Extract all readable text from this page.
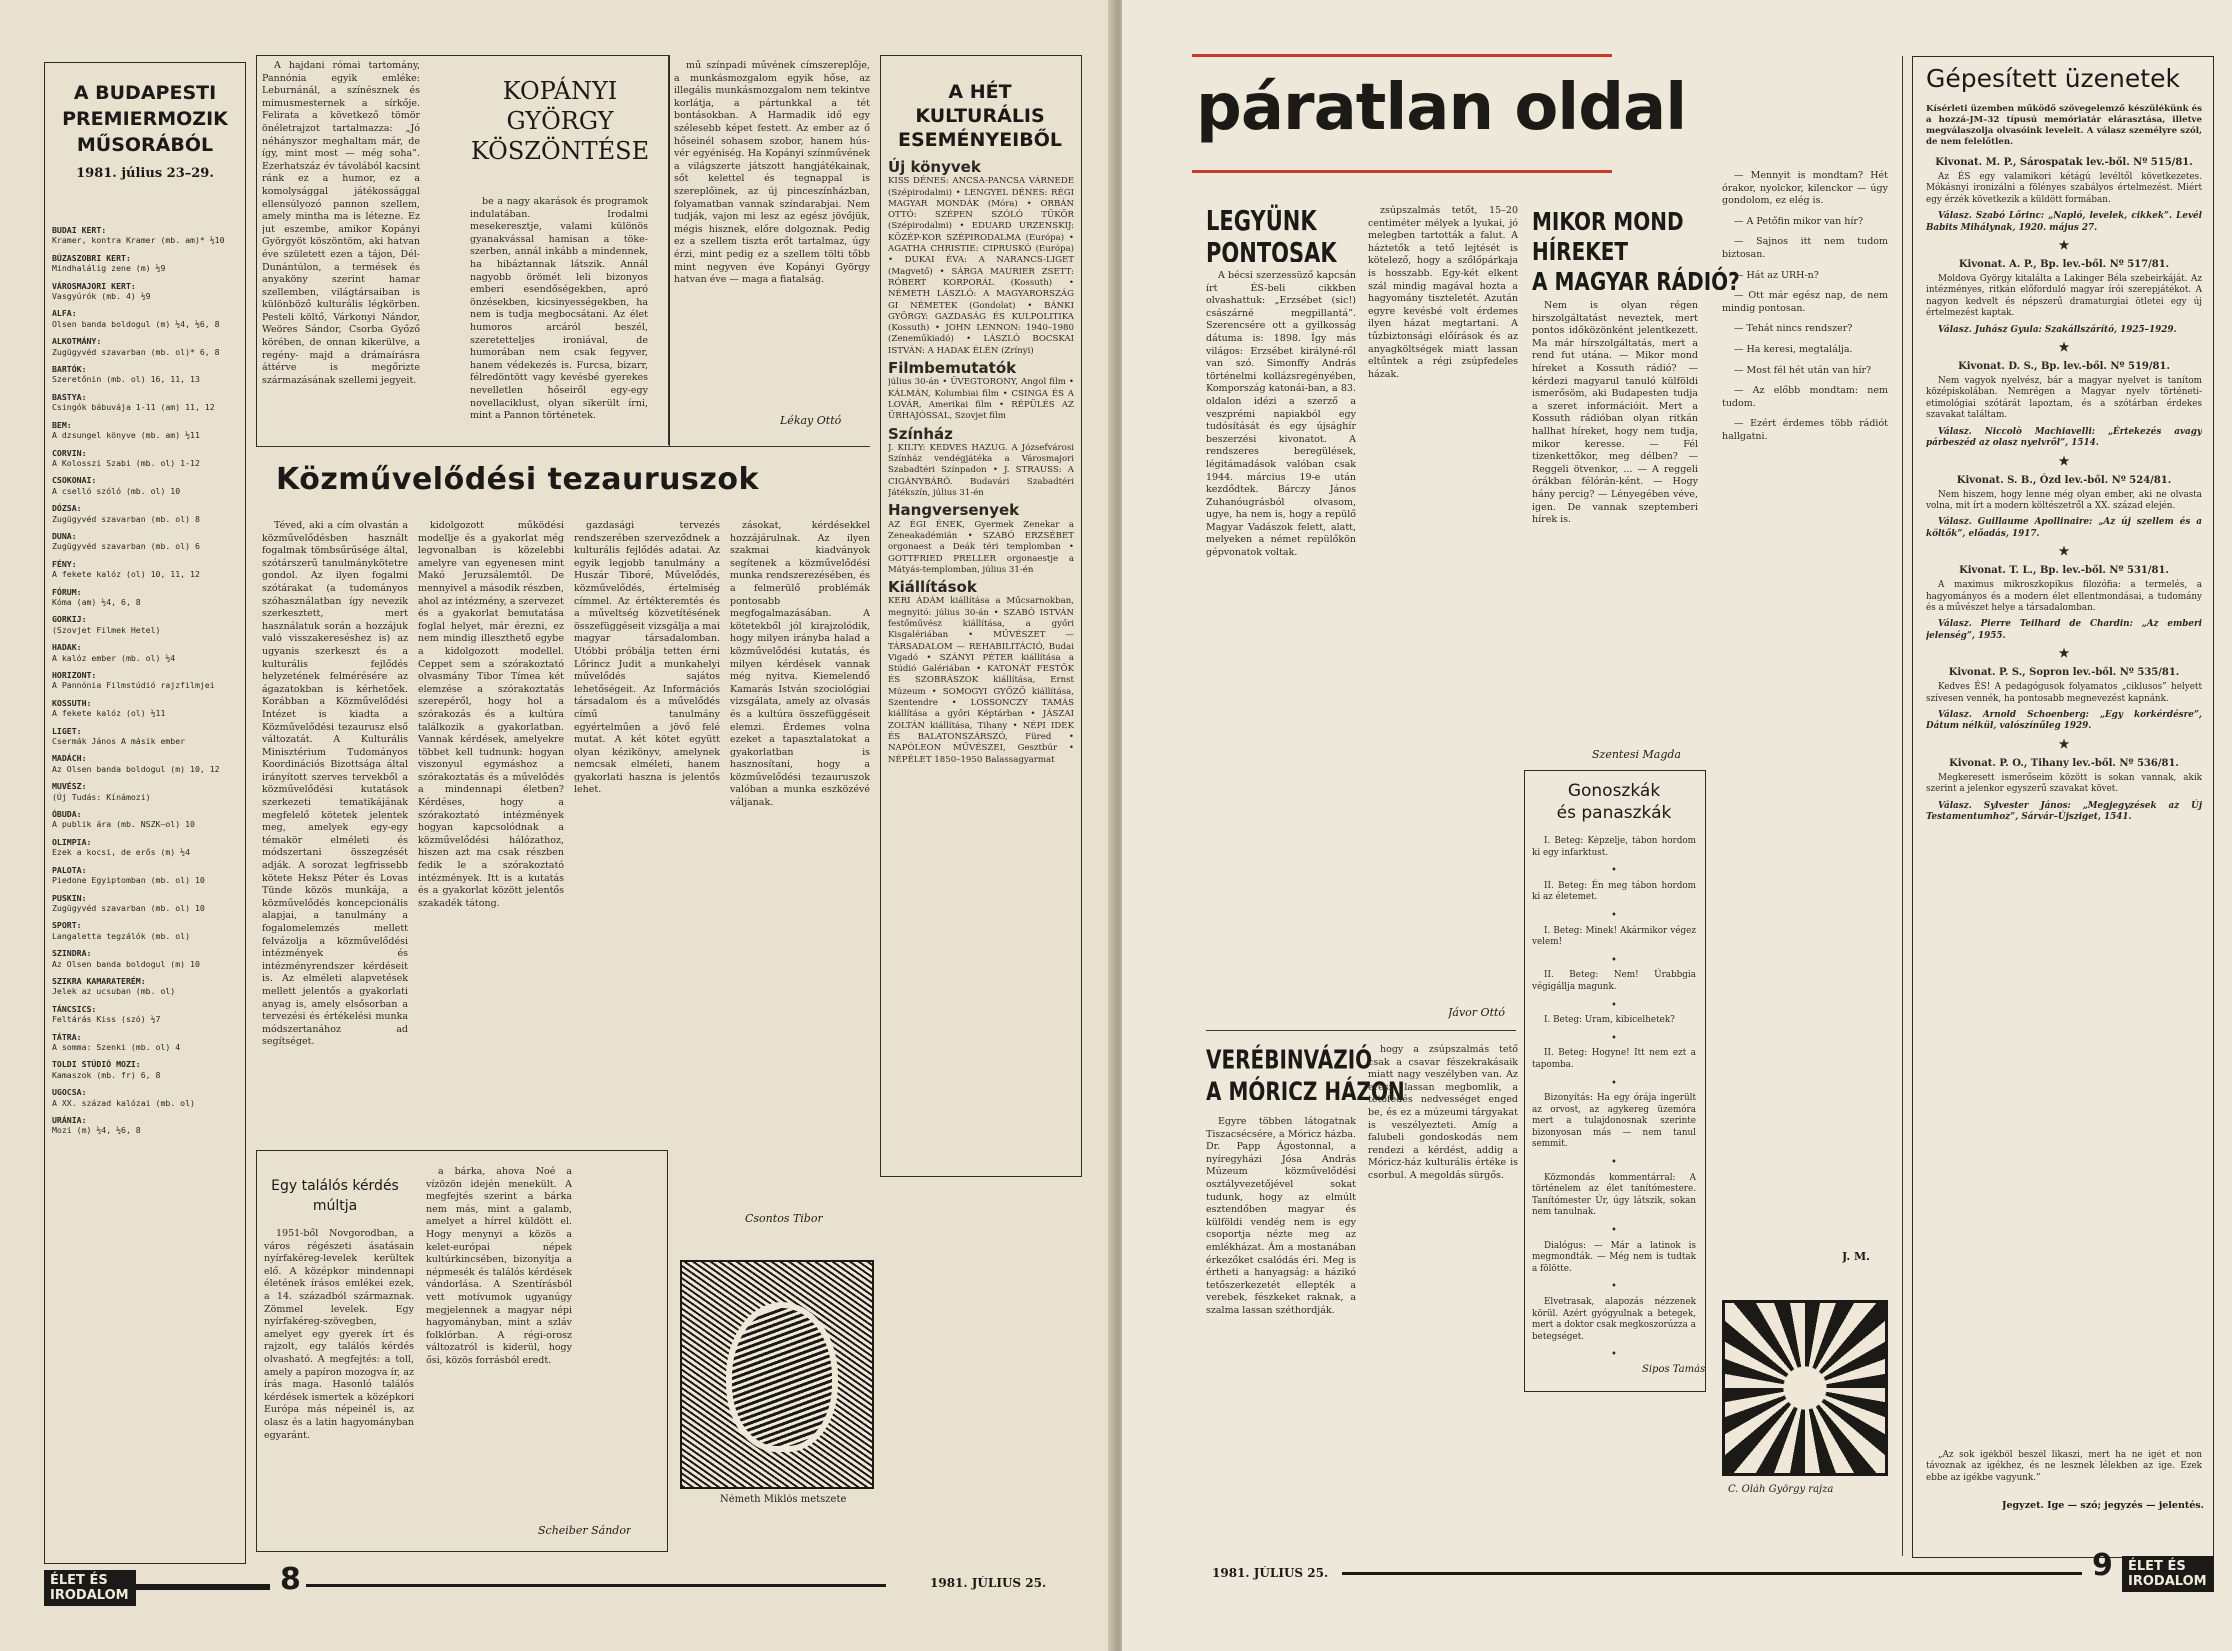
A BUDAPESTI
PREMIERMOZIK
MŰSORÁBÓL
1981. július 23–29.
BUDAI KERT:
Kramer, kontra Kramer (mb. am)* ½10
BÚZASZOBRI KERT:
Mindhalálig zene (m) ½9
VÁROSMAJORI KERT:
Vasgyúrók (mb. 4) ½9
ALFA:
Olsen banda boldogul (m) ½4, ½6, 8
ALKOTMÁNY:
Zugügyvéd szavarban (mb. ol)* 6, 8
BARTÓK:
Szeretőnin (mb. ol) 16, 11, 13
BASTYA:
Csingók bábuvája 1-11 (am) 11, 12
BEM:
A dzsungel könyve (mb. am) ½11
CORVIN:
A Kolosszi Szabi (mb. ol) 1-12
CSOKONAI:
A cselló szóló (mb. ol) 10
DÓZSA:
Zugügyvéd szavarban (mb. ol) 8
DUNA:
Zugügyvéd szavarban (mb. ol) 6
FÉNY:
A fekete kalóz (ol) 10, 11, 12
FÓRUM:
Kóma (am) ½4, 6, 8
GORKIJ:
(Szovjet Filmek Hetel)
HADAK:
A kalóz ember (mb. ol) ½4
HORIZONT:
A Pannónia Filmstúdió rajzfilmjei
KOSSUTH:
A fekete kalóz (ol) ½11
LIGET:
Csermák János A másik ember
MADÁCH:
Az Olsen banda boldogul (m) 10, 12
MUVÉSZ:
(Új Tudás: Kínámozi)
ÓBUDA:
A publik ára (mb. NSZK–ol) 10
OLIMPIA:
Ezek a kocsi, de erős (m) ½4
PALOTA:
Piedone Egyiptomban (mb. ol) 10
PUSKIN:
Zugügyvéd szavarban (mb. ol) 10
SPORT:
Langaletta tegzálók (mb. ol)
SZINDRA:
Az Olsen banda boldogul (m) 10
SZIKRA KAMARATERÉM:
Jelek az ucsuban (mb. ol)
TÁNCSICS:
Feltárás Kiss (szó) ½7
TÁTRA:
A somma: Szenki (mb. ol) 4
TOLDI STÚDIÓ MOZI:
Kamaszok (mb. fr) 6, 8
UGOCSA:
A XX. század kalózai (mb. ol)
URÁNIA:
Mozi (m) ½4, ½6, 8

A hajdani római tartomány, Pannónia egyik emléke: Leburnánál, a színésznek és mimusmesternek a sírkője. Felirata a következő tömör önéletrajzot tartalmazza: „Jó néhányszor meghaltam már, de így, mint most — még soha”. Ezerhatszáz év távolából kacsint ránk ez a humor, ez a komolysággal játékossággal ellensúlyozó pannon szellem, amely mintha ma is létezne. Ez jut eszembe, amikor Kopányi Györgyöt köszöntöm, aki hatvan éve született ezen a tájon, Dél-Dunántúlon, a termések és anyaköny szerint hamar szellemben, világtársaiban is különböző kulturális légkörben. Pesteli költő, Várkonyi Nándor, Weöres Sándor, Csorba Győző körében, de onnan kikerülve, a regény- majd a drámaírásra áttérve is megőrizte származásának szellemi jegyeit.

KOPÁNYI
GYÖRGY
KÖSZÖNTÉSE

be a nagy akarások és programok indulatában. Irodalmi mesekeresztje, valami különös gyanakvással hamisan a töke-szerben, annál inkább a mindennek, ha hibáztannak látszik. Annál nagyobb örömét leli bizonyos emberi esendőségekben, apró önzésekben, kicsinyességekben, ha nem is tudja megbocsátani. Az élet humoros arcáról beszél, szeretetteljes ironiával, de humorában nem csak fegyver, hanem védekezés is. Furcsa, bizarr, félredöntött vagy kevésbé gyerekes nevelletlen hőseiről egy-egy novellaciklust, olyan sikerült írni, mint a Pannon történetek.

mű színpadi művének címszereplője, a munkásmozgalom egyik hőse, az illegális munkásmozgalom nem tekintve korlátja, a pártunkkal a tét bontásokban. A Harmadik idő egy szélesebb képet festett. Az ember az ő hőseinél sohasem szobor, hanem hús-vér egyéniség. Ha Kopányi színművének a világszerte játszott hangjátékainak, sőt kelettel és tegnappal is szereplőinek, az új pinceszínházban, folyamatban vannak színdarabjai. Nem tudják, vajon mi lesz az egész jövőjük, mégis hisznek, előre dolgoznak. Pedig ez a szellem tiszta erőt tartalmaz, úgy érzi, mint pedig ez a szellem tölti tőbb mint negyven éve Kopányi György hatvan éve — maga a fiatalság.

Lékay Ottó
A HÉT
KULTURÁLIS
ESEMÉNYEIBŐL
Új könyvek

KISS DÉNES: ANCSA-PANCSA VÁRNEDE (Szépirodalmi) • LENGYEL DÉNES: RÉGI MAGYAR MONDÁK (Móra) • ORBÁN OTTÓ: SZÉPEN SZÓLÓ TÜKÖR (Szépirodalmi) • EDUARD URZENSKIJ: KÖZÉP-KOR SZÉPIRODALMA (Európa) • AGATHA CHRISTIE: CIPRUSKÓ (Európa) • DUKAI ÉVA: A NARANCS-LIGET (Magvető) • SÁRGA MAURIER ZSETT: RÓBERT KORPORÁL (Kossuth) • NÉMETH LÁSZLÓ: A MAGYARORSZÁG GI NÉMETEK (Gondolat) • BÁNKI GYÖRGY: GAZDASÁG ÉS KULPOLITIKA (Kossuth) • JOHN LENNON: 1940–1980 (Zeneműkiadó) • LÁSZLÓ BOCSKAI ISTVÁN: A HADAK ÉLÉN (Zrínyi)

Filmbemutatók

július 30-án • ÜVEGTORONY, Angol film • KÁLMÁN, Kolumbiai film • CSINGA ÉS A LOVÁR, Amerikai film • RÉPÜLÉS AZ ÜRHAJÓSSAL, Szovjet film

Színház

J. KILTY: KEDVES HAZUG. A Józsefvárosi Színház vendégjátéka a Városmajori Szabadtéri Színpadon • J. STRAUSS: A CIGÁNYBÁRÓ. Budavári Szabadtéri Játékszín, július 31-én

Hangversenyek

AZ ÉGI ÉNEK, Gyermek Zenekar a Zeneakadémián • SZABÓ ERZSÉBET orgonaest a Deák téri templomban • GOTTFRIED PRELLER orgonaestje a Mátyás-templomban, július 31-én

Kiállítások

KERI ÁDÁM kiállítása a Műcsarnokban, megnyitó: július 30-án • SZABÓ ISTVÁN festőművész kiállítása, a győri Kisgalériában • MŰVÉSZET — TÁRSADALOM — REHABILITÁCIÓ, Budai Vigadó • SZÁNYI PÉTER kiállítása a Stúdió Galériában • KATONÁT FESTŐK ÉS SZOBRÁSZOK kiállítása, Ernst Múzeum • SOMOGYI GYŐZŐ kiállítása, Szentendre • LOSSONCZY TAMÁS kiállítása a győri Képtárban • JÁSZAI ZOLTÁN kiállítása, Tihany • NÉPI IDEK ÉS BALATONSZÁRSZÓ, Füred • NAPÓLEON MŰVÉSZEI, Gesztbúr • NÉPÉLET 1850–1950 Balassagyarmat

Közművelődési tezauruszok

Téved, aki a cím olvastán a közművelődésben használt fogalmak tömbsűrűsége által, szótárszerű tanulmánykötetre gondol. Az ilyen fogalmi szótárakat (a tudományos szóhasználatban így nevezik szerkesztett, mert használatuk során a hozzájuk való visszakereséshez is) az ugyanis szerkeszt és a kulturális fejlődés helyzetének felmérésére az ágazatokban is kérhetőek. Korábban a Közművelődési Intézet is kiadta a Közművelődési tezaurusz első változatát. A Kulturális Minisztérium Tudományos Koordinációs Bizottsága által irányított szerves tervekből a közművelődési kutatások szerkezeti tematikájának megfelelő kötetek jelentek meg, amelyek egy-egy témakör elméleti és módszertani összegzését adják. A sorozat legfrissebb kötete Heksz Péter és Lovas Tünde közös munkája, a közművelődés koncepcionális alapjai, a tanulmány a fogalomelemzés mellett felvázolja a közművelődési intézmények és intézményrendszer kérdéseit is. Az elméleti alapvetések mellett jelentős a gyakorlati anyag is, amely elsősorban a tervezési és értékelési munka módszertanához ad segítséget.

kidolgozott működési modellje és a gyakorlat még legvonalban is közelebbi amelyre van egyenesen mint Makó Jeruzsálemtől. De mennyivel a második részben, ahol az intézmény, a szervezet és a gyakorlat bemutatása foglal helyet, már érezni, ez nem mindig illeszthető egybe a kidolgozott modellel. Ceppet sem a szórakoztató olvasmány Tibor Tímea két elemzése a szórakoztatás szerepéről, hogy hol a szórakozás és a kultúra találkozik a gyakorlatban. Vannak kérdések, amelyekre többet kell tudnunk: hogyan viszonyul egymáshoz a szórakoztatás és a művelődés a mindennapi életben? Kérdéses, hogy a szórakoztató intézmények hogyan kapcsolódnak a közművelődési hálózathoz, hiszen azt ma csak részben fedik le a szórakoztató intézmények. Itt is a kutatás és a gyakorlat között jelentős szakadék tátong.

gazdasági tervezés rendszerében szerveződnek a kulturális fejlődés adatai. Az egyik legjobb tanulmány a Huszár Tiboré, Művelődés, közművelődés, értelmiség címmel. Az értékteremtés és a műveltség közvetítésének összefüggéseit vizsgálja a mai magyar társadalomban. Utóbbi próbálja tetten érni Lőrincz Judit a munkahelyi művelődés sajátos lehetőségeit. Az Információs társadalom és a művelődés című tanulmány egyértelműen a jövő felé mutat. A két kötet együtt olyan kézikönyv, amelynek nemcsak elméleti, hanem gyakorlati haszna is jelentős lehet.

zásokat, kérdésekkel hozzájárulnak. Az ilyen szakmai kiadványok segítenek a közművelődési munka rendszerezésében, és a felmerülő problémák pontosabb megfogalmazásában. A kötetekből jól kirajzolódik, hogy milyen irányba halad a közművelődési kutatás, és milyen kérdések vannak még nyitva. Kiemelendő Kamarás István szociológiai vizsgálata, amely az olvasás és a kultúra összefüggéseit elemzi. Érdemes volna ezeket a tapasztalatokat a gyakorlatban is hasznosítani, hogy a közművelődési tezauruszok valóban a munka eszközévé váljanak.

Csontos Tibor
Egy találós kérdés
múltja

1951-ből Novgorodban, a város régészeti ásatásain nyírfakéreg-levelek kerültek elő. A középkor mindennapi életének írásos emlékei ezek, a 14. századból származnak. Zömmel levelek. Egy nyírfakéreg-szövegben, amelyet egy gyerek írt és rajzolt, egy találós kérdés olvasható. A megfejtés: a toll, amely a papíron mozogva ír, az írás maga. Hasonló találós kérdések ismertek a középkori Európa más népeinél is, az olasz és a latin hagyományban egyaránt.

a bárka, ahova Noé a vízözön idején menekült. A megfejtés szerint a bárka nem más, mint a galamb, amelyet a hírrel küldött el. Hogy menynyi a közös a kelet-európai népek kultúrkincsében, bizonyítja a népmesék és találós kérdések vándorlása. A Szentírásból vett motívumok ugyanúgy megjelennek a magyar népi hagyományban, mint a szláv folklórban. A régi-orosz változatról is kiderül, hogy ősi, közös forrásból eredt.

Scheiber Sándor
Németh Miklós metszete
ÉLET ÉS
IRODALOM	8	1981. JÚLIUS 25.
páratlan oldal
LEGYÜNK
PONTOSAK

A bécsi szerzessüző kapcsán írt ÉS-beli cikkben olvashattuk: „Erzsébet (sic!) császárné megpillantá”. Szerencsére ott a gyilkosság dátuma is: 1898. Így más világos: Erzsébet királyné-ről van szó. Simonffy András történelmi kollázsregényében, Kompország katonái-ban, a 83. oldalon idézi a szerző a veszprémi napiakból egy tudósítását és egy újsághír beszerzési kivonatot. A rendszeres beregülések, légitámadások valóban csak 1944. március 19-e után kezdődtek. Bárczy János Zuhanóugrásból olvasom, ugye, ha nem is, hogy a repülő Magyar Vadászok felett, alatt, melyeken a német repülőkön gépvonatok voltak.

zsúpszalmás tetőt, 15–20 centiméter mélyek a lyukai, jó melegben tartották a falut. A háztetők a tető lejtését is kötelező, hogy a szőlőpárkaja is hosszabb. Egy-két elkent szál mindig magával hozta a hagyomány tiszteletét. Azután egyre kevésbé volt érdemes ilyen házat megtartani. A tűzbiztonsági előírások és az anyagköltségek miatt lassan eltűntek a régi zsúpfedeles házak.

Jávor Ottó
MIKOR MOND
HÍREKET
A MAGYAR RÁDIÓ?

Nem is olyan régen hirszolgáltatást neveztek, mert pontos időközönként jelentkezett. Ma már hírszolgáltatás, mert a rend fut utána. — Mikor mond híreket a Kossuth rádió? — kérdezi magyarul tanuló külföldi ismerősöm, aki Budapesten tudja a szeret információit. Mert a Kossuth rádióban olyan ritkán hallhat híreket, hogy nem tudja, mikor keresse. — Fél tizenkettőkor, meg délben? — Reggeli ötvenkor, ... — A reggeli órákban félórán-ként. — Hogy hány percig? — Lényegében véve, igen. De vannak szeptemberi hírek is.

Szentesi Magda

— Mennyit is mondtam? Hét órakor, nyolckor, kilenckor — úgy gondolom, ez elég is.

— A Petőfin mikor van hír?

— Sajnos itt nem tudom biztosan.

— Hát az URH-n?

— Ott már egész nap, de nem mindig pontosan.

— Tehát nincs rendszer?

— Ha keresi, megtalálja.

— Most fél hét után van hír?

— Az előbb mondtam: nem tudom.

— Ezért érdemes több rádiót hallgatni.

J. M.
Gonoszkák
és panaszkák

I. Beteg: Képzelje, tábon hordom ki egy infarktust.

•

II. Beteg: Én meg tábon hordom ki az életemet.

•

I. Beteg: Minek! Akármikor végez velem!

•

II. Beteg: Nem! Úrabbgia végigállja magunk.

•

I. Beteg: Uram, kibicelhetek?

•

II. Beteg: Hogyne! Itt nem ezt a tapomba.

•

Bizonyítás: Ha egy órája ingerült az orvost, az agykereg üzemóra mert a tulajdonosnak szerinte bizonyosan más — nem tanul semmit.

•

Közmondás kommentárral: A történelem az élet tanítómestere. Tanítómester Úr, úgy látszik, sokan nem tanulnak.

•

Dialógus: — Már a latinok is megmondták. — Még nem is tudtak a fölötte.

•

Elvetrasak, alapozás nézzenek körül. Azért gyógyulnak a betegek, mert a doktor csak megkoszorúzza a betegséget.

•

Sipos Tamás
VERÉBINVÁZIÓ
A MÓRICZ HÁZON

Egyre többen látogatnak Tiszacsécsére, a Móricz házba. Dr. Papp Ágostonnal, a nyíregyházi Jósa András Múzeum közművelődési osztályvezetőjével sokat tudunk, hogy az elmúlt esztendőben magyar és külföldi vendég nem is egy csoportja nézte meg az emlékházat. Ám a mostanában érkezőket csalódás éri. Meg is értheti a hanyagság: a házikó tetőszerkezetét ellepték a verebek, fészkeket raknak, a szalma lassan széthordják.

hogy a zsúpszalmás tető csak a csavar fészekrakásaik miatt nagy veszélyben van. Az eresz lassan megbomlik, a tetőfedés nedvességet enged be, és ez a múzeumi tárgyakat is veszélyezteti. Amíg a falubeli gondoskodás nem rendezi a kérdést, addig a Móricz-ház kulturális értéke is csorbul. A megoldás sürgős.

C. Oláh György rajza
Gépesített üzenetek

Kísérleti üzemben működő szövegelemző készülékünk és a hozzá-JM–32 típusú memóriatár elárasztása, illetve megválaszolja olvasóink leveleit. A válasz személyre szól, de nem felelőtlen.

Kivonat. M. P., Sárospatak lev.-ből. Nº 515/81.

Az ÉS egy valamikori kétágú levéltől következetes. Mókásnyi ironizálni a fölényes szabályos értelmezést. Miért egy érzék következik a küldött formában.

Válasz. Szabó Lőrinc: „Napló, levelek, cikkek”. Levél Babits Mihálynak, 1920. május 27.

★
Kivonat. A. P., Bp. lev.-ből. Nº 517/81.

Moldova György kitalálta a Lakinger Béla szebeirkáját. Az intézményes, ritkán előforduló magyar írói szerepjátékot. A nagyon kedvelt és népszerű dramaturgiai ötletei egy új értelmezést kaptak.

Válasz. Juhász Gyula: Szakállszárító, 1925–1929.

★
Kivonat. D. S., Bp. lev.-ből. Nº 519/81.

Nem vagyok nyelvész, bár a magyar nyelvet is tanítom középiskolában. Nemrégen a Magyar nyelv történeti-etimológiai szótárát lapoztam, és a szótárban érdekes szavakat találtam.

Válasz. Niccolò Machiavelli: „Értekezés avagy párbeszéd az olasz nyelvről”, 1514.

★
Kivonat. S. B., Ózd lev.-ből. Nº 524/81.

Nem hiszem, hogy lenne még olyan ember, aki ne olvasta volna, mit írt a modern költészetről a XX. század elején.

Válasz. Guillaume Apollinaire: „Az új szellem és a költők”, előadás, 1917.

★
Kivonat. T. L., Bp. lev.-ből. Nº 531/81.

A maximus mikroszkopikus filozófia: a termelés, a hagyományos és a modern élet ellentmondásai, a tudomány és a művészet helye a társadalomban.

Válasz. Pierre Teilhard de Chardin: „Az emberi jelenség”, 1955.

★
Kivonat. P. S., Sopron lev.-ből. Nº 535/81.

Kedves ÉS! A pedagógusok folyamatos „ciklusos” helyett szívesen vennék, ha pontosabb megnevezést kapnánk.

Válasz. Arnold Schoenberg: „Egy korkérdésre”, Dátum nélkül, valószínűleg 1929.

★
Kivonat. P. O., Tihany lev.-ből. Nº 536/81.

Megkeresett ismerőseim között is sokan vannak, akik szerint a jelenkor egyszerű szavakat követ.

Válasz. Sylvester János: „Megjegyzések az Új Testamentumhoz”, Sárvár–Újsziget, 1541.

„Az sok igékből beszél likaszi, mert ha ne igét et non távoznak az igékhez, és ne lesznek lélekben az ige. Ezek ebbe az igékbe vagyunk.”

Jegyzet. Ige — szó; jegyzés — jelentés.
1981. JÚLIUS 25.	9 ÉLET ÉS
IRODALOM
